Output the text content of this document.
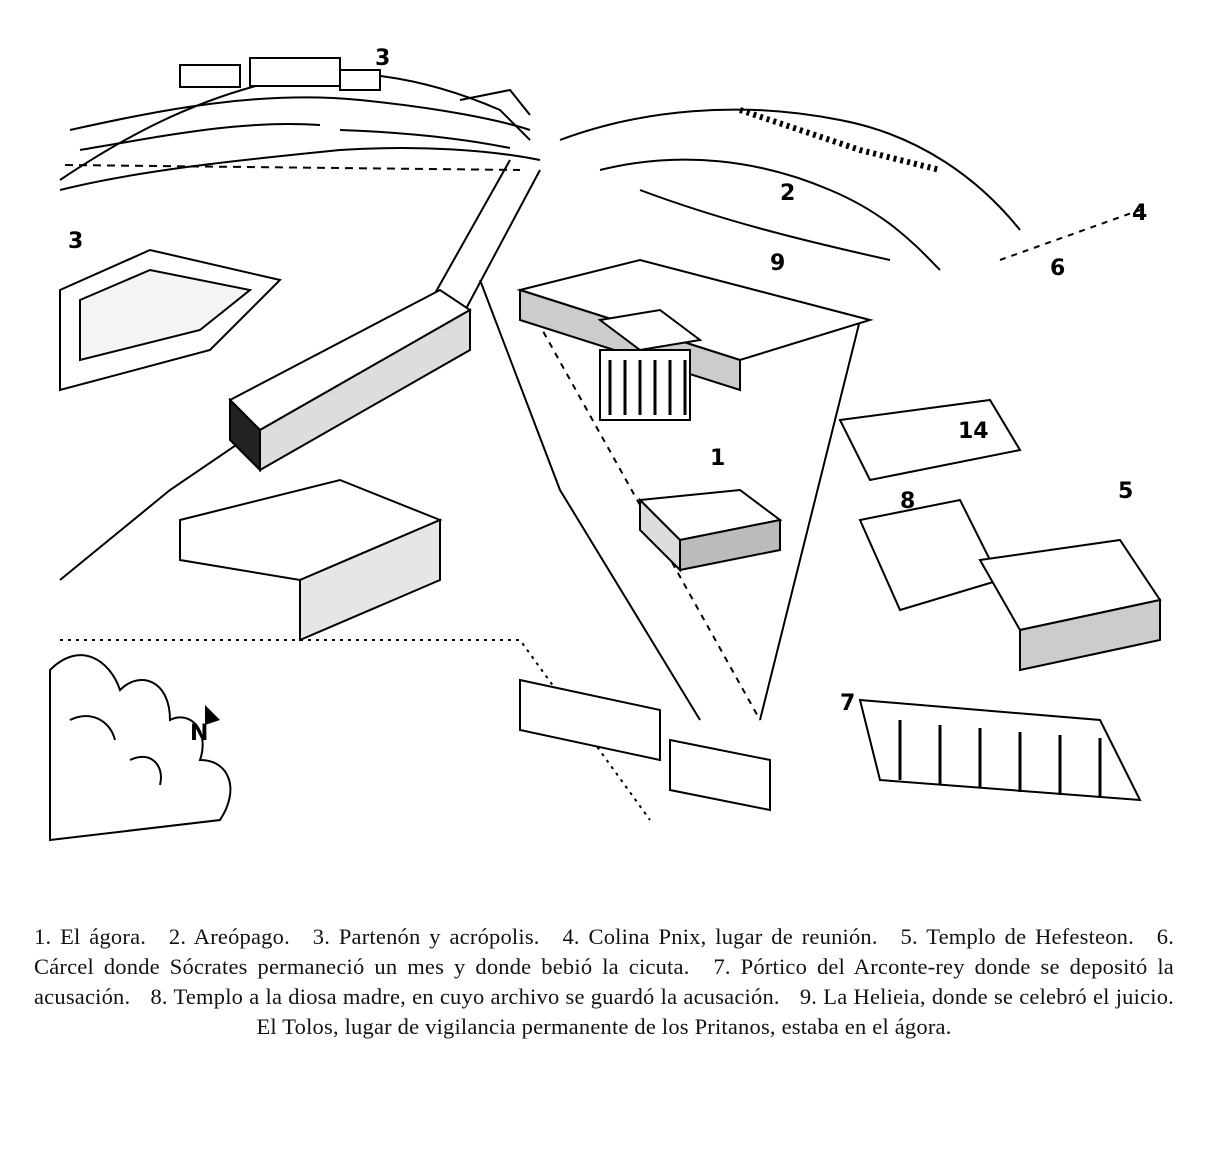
N
1
2
3
3
4
5
6
7
8
9
14
1. El ágora. 2. Areópago. 3. Partenón y acrópolis. 4. Colina Pnix, lugar de reunión. 5. Templo de Hefesteon. 6. Cárcel donde Sócrates permaneció un mes y donde bebió la cicuta. 7. Pórtico del Arconte-rey donde se depositó la acusación. 8. Templo a la diosa madre, en cuyo archivo se guardó la acusación. 9. La Helieia, donde se celebró el juicio. El Tolos, lugar de vigilancia permanente de los Pritanos, estaba en el ágora.
